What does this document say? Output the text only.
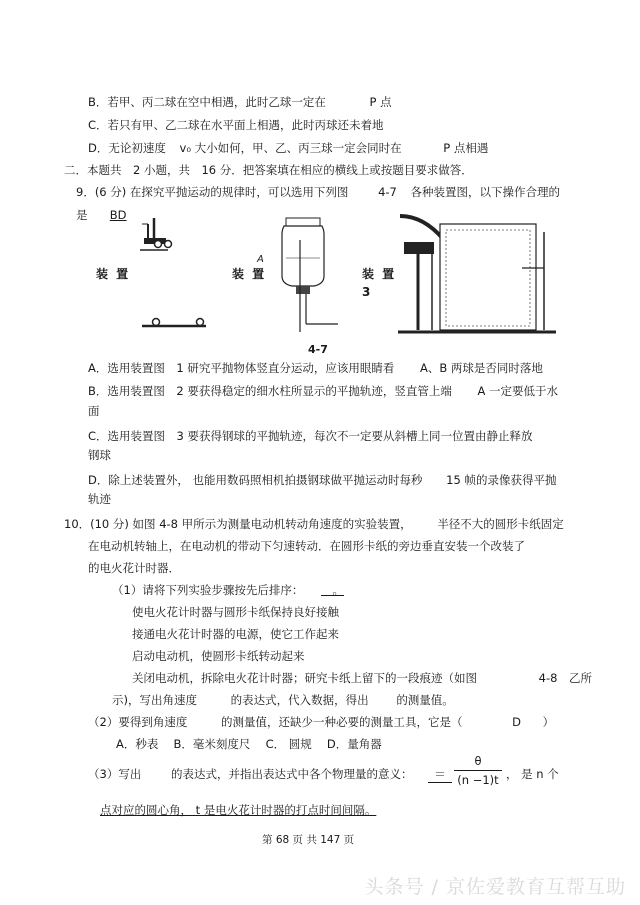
B．若甲、丙二球在空中相遇，此时乙球一定在	P 点
C．若只有甲、乙二球在水平面上相遇，此时丙球还未着地
D．无论初速度 v₀ 大小如何，甲、乙、丙三球一定会同时在	P 点相遇
二．本题共　2 小题，共　16 分．把答案填在相应的横线上或按题目要求做答．
9．(6 分) 在探究平抛运动的规律时，可以选用下列图	4-7 各种装置图，以下操作合理的
是 BD
装 置
A
装 置
4-7
装 置
3
A．选用装置图　1 研究平抛物体竖直分运动，应该用眼睛看 A、B 两球是否同时落地
B．选用装置图　2 要获得稳定的细水柱所显示的平抛轨迹，竖直管上端 A 一定要低于水
面
C．选用装置图　3 要获得钢球的平抛轨迹，每次不一定要从斜槽上同一位置由静止释放
钢球
D．除上述装置外， 也能用数码照相机拍摄钢球做平抛运动时每秒 15 帧的录像获得平抛
轨迹
10．(10 分) 如图 4-8 甲所示为测量电动机转动角速度的实验装置， 半径不大的圆形卡纸固定
在电动机转轴上，在电动机的带动下匀速转动．在圆形卡纸的旁边垂直安装一个改装了
的电火花计时器．
（1）请将下列实验步骤按先后排序： 　。
使电火花计时器与圆形卡纸保持良好接触
接通电火花计时器的电源，使它工作起来
启动电动机，使圆形卡纸转动起来
关闭电动机，拆除电火花计时器；研究卡纸上留下的一段痕迹（如图	4-8　乙所
示)，写出角速度	的表达式，代入数据，得出 的测量值。
（2）要得到角速度	的测量值，还缺少一种必要的测量工具，它是（	D ）
A．秒表　 B．毫米刻度尺　 C． 圆规　 D．量角器
（3）写出	的表达式，并指出表达式中各个物理量的意义：	＝
θ
(n −1)t ， 是 n 个
点对应的圆心角， t 是电火花计时器的打点时间间隔。
第 68 页 共 147 页
头条号 / 京佐爱教育互帮互助
